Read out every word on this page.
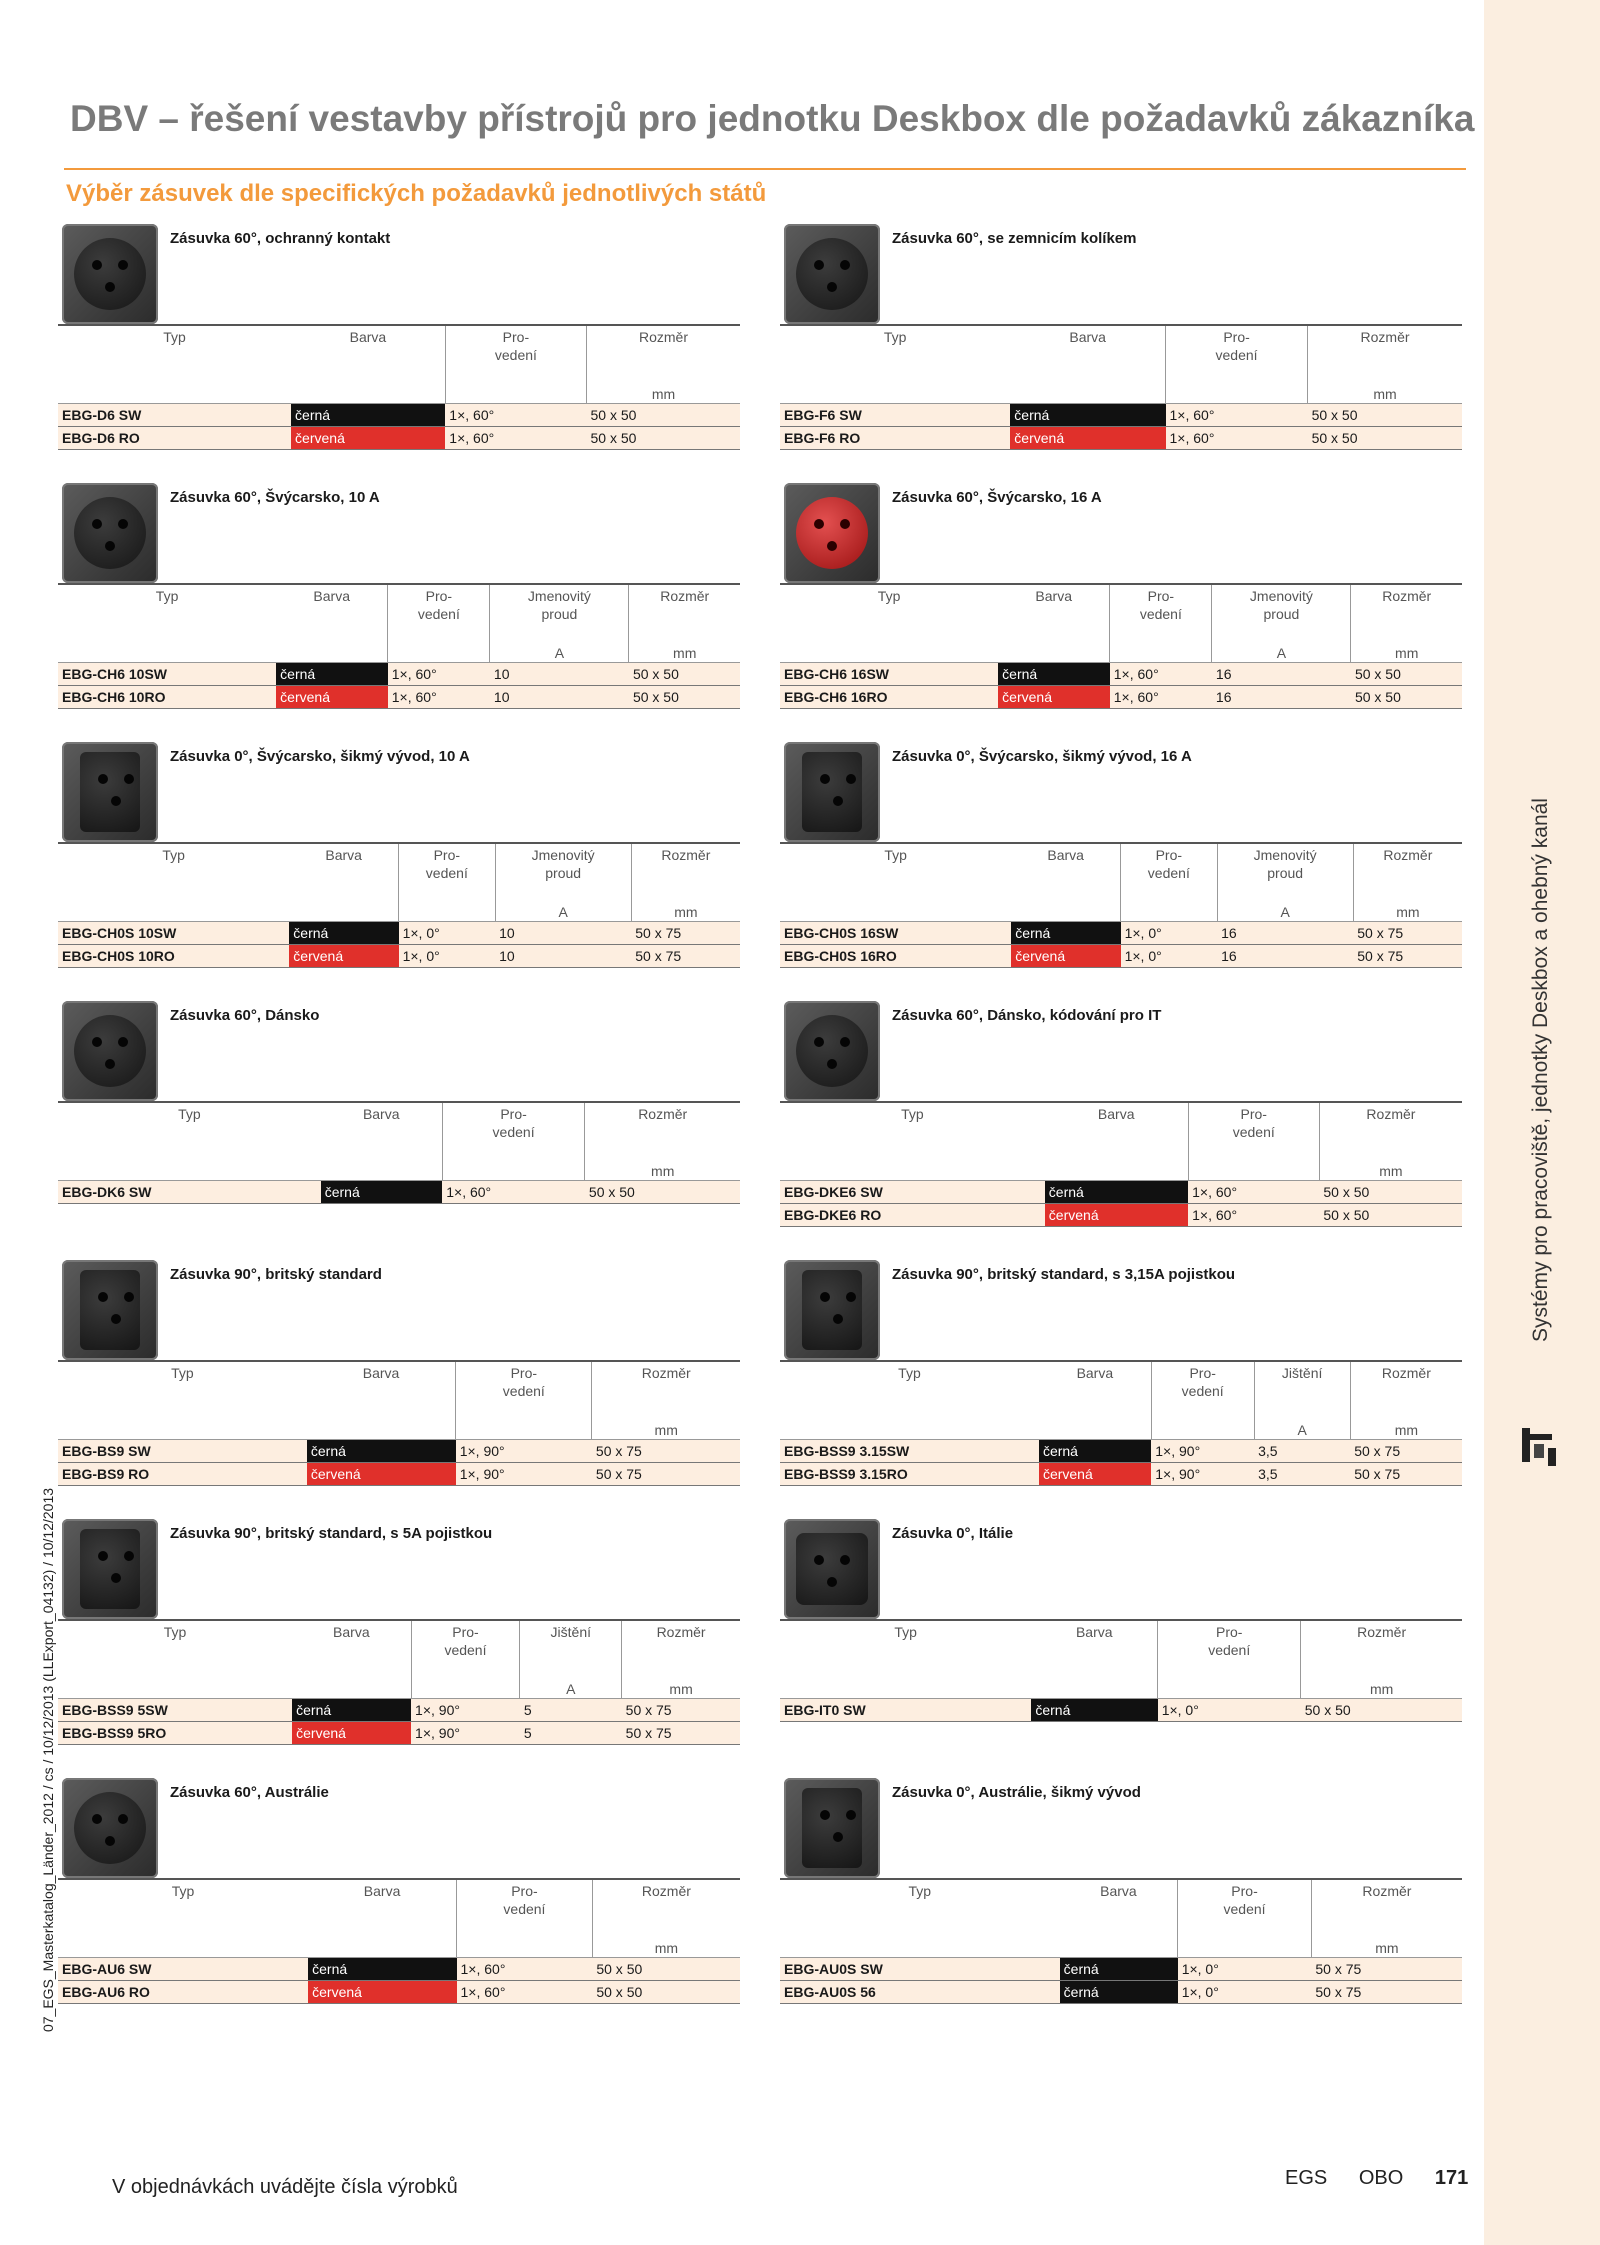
Systémy pro pracoviště, jednotky Deskbox a ohebný kanál
07_EGS_Masterkatalog_Länder_2012 / cs / 10/12/2013 (LLExport_04132) / 10/12/2013
DBV – řešení vestavby přístrojů pro jednotku Deskbox dle požadavků zákazníka
Výběr zásuvek dle specifických požadavků jednotlivých států
Zásuvka 60°, ochranný kontakt
Typ	Barva	Pro-
vedení	Rozměr
			mm
EBG-D6 SW	černá	1×, 60°	50 x 50
EBG-D6 RO	červená	1×, 60°	50 x 50
Zásuvka 60°, se zemnicím kolíkem
Typ	Barva	Pro-
vedení	Rozměr
			mm
EBG-F6 SW	černá	1×, 60°	50 x 50
EBG-F6 RO	červená	1×, 60°	50 x 50
Zásuvka 60°, Švýcarsko, 10 A
Typ	Barva	Pro-
vedení	Jmenovitý
proud	Rozměr
			A	mm
EBG-CH6 10SW	černá	1×, 60°	10	50 x 50
EBG-CH6 10RO	červená	1×, 60°	10	50 x 50
Zásuvka 60°, Švýcarsko, 16 A
Typ	Barva	Pro-
vedení	Jmenovitý
proud	Rozměr
			A	mm
EBG-CH6 16SW	černá	1×, 60°	16	50 x 50
EBG-CH6 16RO	červená	1×, 60°	16	50 x 50
Zásuvka 0°, Švýcarsko, šikmý vývod, 10 A
Typ	Barva	Pro-
vedení	Jmenovitý
proud	Rozměr
			A	mm
EBG-CH0S 10SW	černá	1×, 0°	10	50 x 75
EBG-CH0S 10RO	červená	1×, 0°	10	50 x 75
Zásuvka 0°, Švýcarsko, šikmý vývod, 16 A
Typ	Barva	Pro-
vedení	Jmenovitý
proud	Rozměr
			A	mm
EBG-CH0S 16SW	černá	1×, 0°	16	50 x 75
EBG-CH0S 16RO	červená	1×, 0°	16	50 x 75
Zásuvka 60°, Dánsko
Typ	Barva	Pro-
vedení	Rozměr
			mm
EBG-DK6 SW	černá	1×, 60°	50 x 50
Zásuvka 60°, Dánsko, kódování pro IT
Typ	Barva	Pro-
vedení	Rozměr
			mm
EBG-DKE6 SW	černá	1×, 60°	50 x 50
EBG-DKE6 RO	červená	1×, 60°	50 x 50
Zásuvka 90°, britský standard
Typ	Barva	Pro-
vedení	Rozměr
			mm
EBG-BS9 SW	černá	1×, 90°	50 x 75
EBG-BS9 RO	červená	1×, 90°	50 x 75
Zásuvka 90°, britský standard, s 3,15A pojistkou
Typ	Barva	Pro-
vedení	Jištění	Rozměr
			A	mm
EBG-BSS9 3.15SW	černá	1×, 90°	3,5	50 x 75
EBG-BSS9 3.15RO	červená	1×, 90°	3,5	50 x 75
Zásuvka 90°, britský standard, s 5A pojistkou
Typ	Barva	Pro-
vedení	Jištění	Rozměr
			A	mm
EBG-BSS9 5SW	černá	1×, 90°	5	50 x 75
EBG-BSS9 5RO	červená	1×, 90°	5	50 x 75
Zásuvka 0°, Itálie
Typ	Barva	Pro-
vedení	Rozměr
			mm
EBG-IT0 SW	černá	1×, 0°	50 x 50
Zásuvka 60°, Austrálie
Typ	Barva	Pro-
vedení	Rozměr
			mm
EBG-AU6 SW	černá	1×, 60°	50 x 50
EBG-AU6 RO	červená	1×, 60°	50 x 50
Zásuvka 0°, Austrálie, šikmý vývod
Typ	Barva	Pro-
vedení	Rozměr
			mm
EBG-AU0S SW	černá	1×, 0°	50 x 75
EBG-AU0S 56	černá	1×, 0°	50 x 75
V objednávkách uvádějte čísla výrobků	EGS OBO 171
